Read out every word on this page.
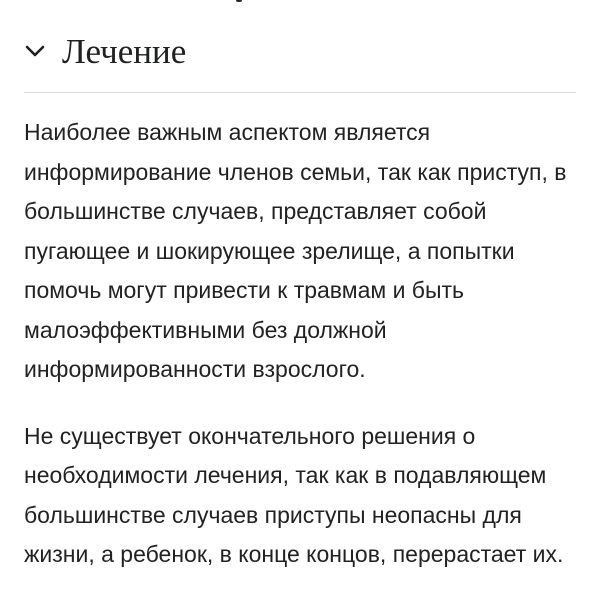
Лечение

Наиболее важным аспектом является информирование членов семьи, так как приступ, в большинстве случаев, представляет собой пугающее и шокирующее зрелище, а попытки помочь могут привести к травмам и быть малоэффективными без должной информированности взрослого.

Не существует окончательного решения о необходимости лечения, так как в подавляющем большинстве случаев приступы неопасны для жизни, а ребенок, в конце концов, перерастает их.
